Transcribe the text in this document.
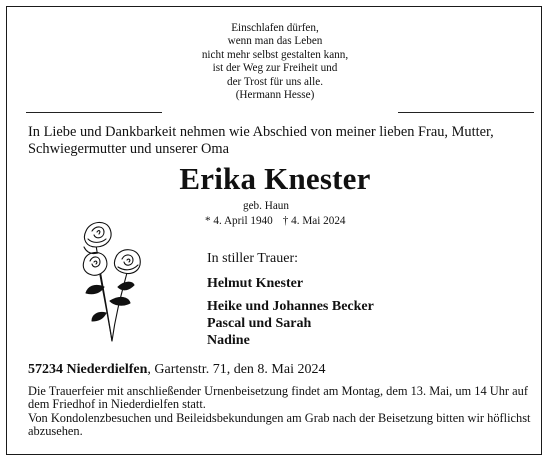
Einschlafen dürfen,
wenn man das Leben
nicht mehr selbst gestalten kann,
ist der Weg zur Freiheit und
der Trost für uns alle.
(Hermann Hesse)
In Liebe und Dankbarkeit nehmen wie Abschied von meiner lieben Frau, Mutter, Schwiegermutter und unserer Oma
Erika Knester
geb. Haun
* 4. April 1940 † 4. Mai 2024
In stiller Trauer:
Helmut Knester
Heike und Johannes Becker
Pascal und Sarah
Nadine
57234 Niederdielfen, Gartenstr. 71, den 8. Mai 2024

Die Trauerfeier mit anschließender Urnenbeisetzung findet am Montag, dem 13. Mai, um 14 Uhr auf dem Friedhof in Niederdielfen statt.

Von Kondolenzbesuchen und Beileidsbekundungen am Grab nach der Beisetzung bitten wir höflichst abzusehen.
